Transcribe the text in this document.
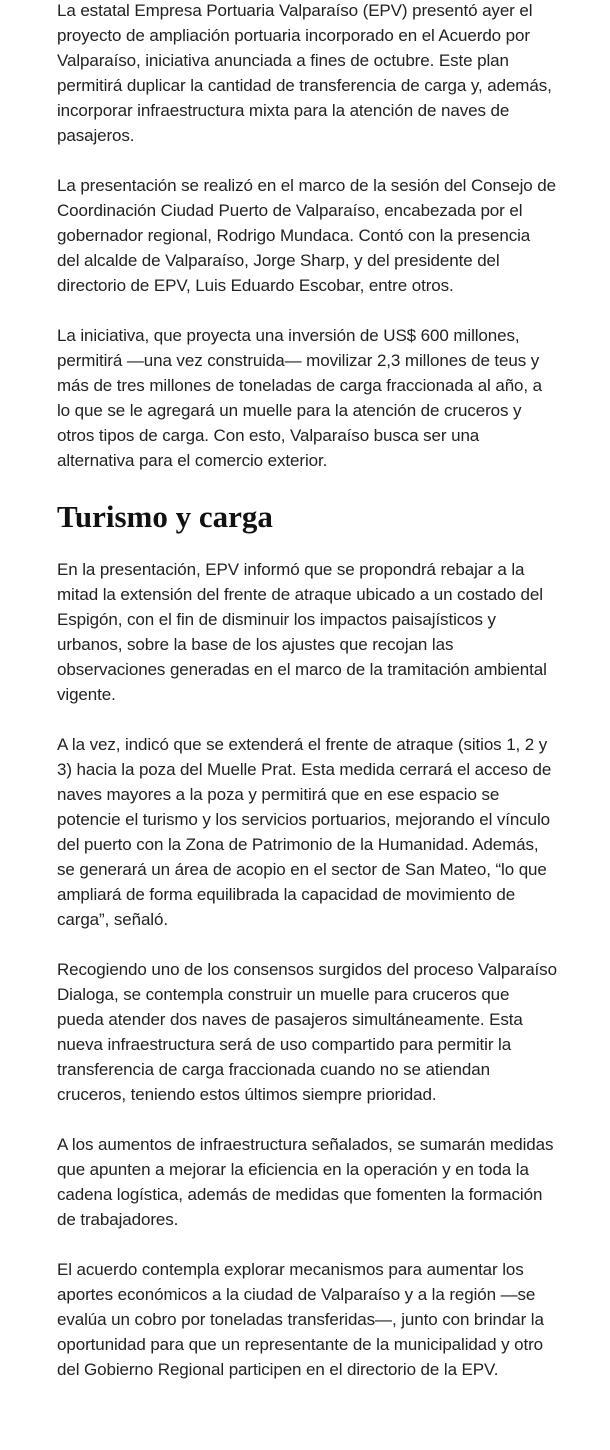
La estatal Empresa Portuaria Valparaíso (EPV) presentó ayer el proyecto de ampliación portuaria incorporado en el Acuerdo por Valparaíso, iniciativa anunciada a fines de octubre. Este plan permitirá duplicar la cantidad de transferencia de carga y, además, incorporar infraestructura mixta para la atención de naves de pasajeros.

La presentación se realizó en el marco de la sesión del Consejo de Coordinación Ciudad Puerto de Valparaíso, encabezada por el gobernador regional, Rodrigo Mundaca. Contó con la presencia del alcalde de Valparaíso, Jorge Sharp, y del presidente del directorio de EPV, Luis Eduardo Escobar, entre otros.

La iniciativa, que proyecta una inversión de US$ 600 millones, permitirá —una vez construida— movilizar 2,3 millones de teus y más de tres millones de toneladas de carga fraccionada al año, a lo que se le agregará un muelle para la atención de cruceros y otros tipos de carga. Con esto, Valparaíso busca ser una alternativa para el comercio exterior.

Turismo y carga

En la presentación, EPV informó que se propondrá rebajar a la mitad la extensión del frente de atraque ubicado a un costado del Espigón, con el fin de disminuir los impactos paisajísticos y urbanos, sobre la base de los ajustes que recojan las observaciones generadas en el marco de la tramitación ambiental vigente.

A la vez, indicó que se extenderá el frente de atraque (sitios 1, 2 y 3) hacia la poza del Muelle Prat. Esta medida cerrará el acceso de naves mayores a la poza y permitirá que en ese espacio se potencie el turismo y los servicios portuarios, mejorando el vínculo del puerto con la Zona de Patrimonio de la Humanidad. Además, se generará un área de acopio en el sector de San Mateo, “lo que ampliará de forma equilibrada la capacidad de movimiento de carga”, señaló.

Recogiendo uno de los consensos surgidos del proceso Valparaíso Dialoga, se contempla construir un muelle para cruceros que pueda atender dos naves de pasajeros simultáneamente. Esta nueva infraestructura será de uso compartido para permitir la transferencia de carga fraccionada cuando no se atiendan cruceros, teniendo estos últimos siempre prioridad.

A los aumentos de infraestructura señalados, se sumarán medidas que apunten a mejorar la eficiencia en la operación y en toda la cadena logística, además de medidas que fomenten la formación de trabajadores.

El acuerdo contempla explorar mecanismos para aumentar los aportes económicos a la ciudad de Valparaíso y a la región —se evalúa un cobro por toneladas transferidas—, junto con brindar la oportunidad para que un representante de la municipalidad y otro del Gobierno Regional participen en el directorio de la EPV.
